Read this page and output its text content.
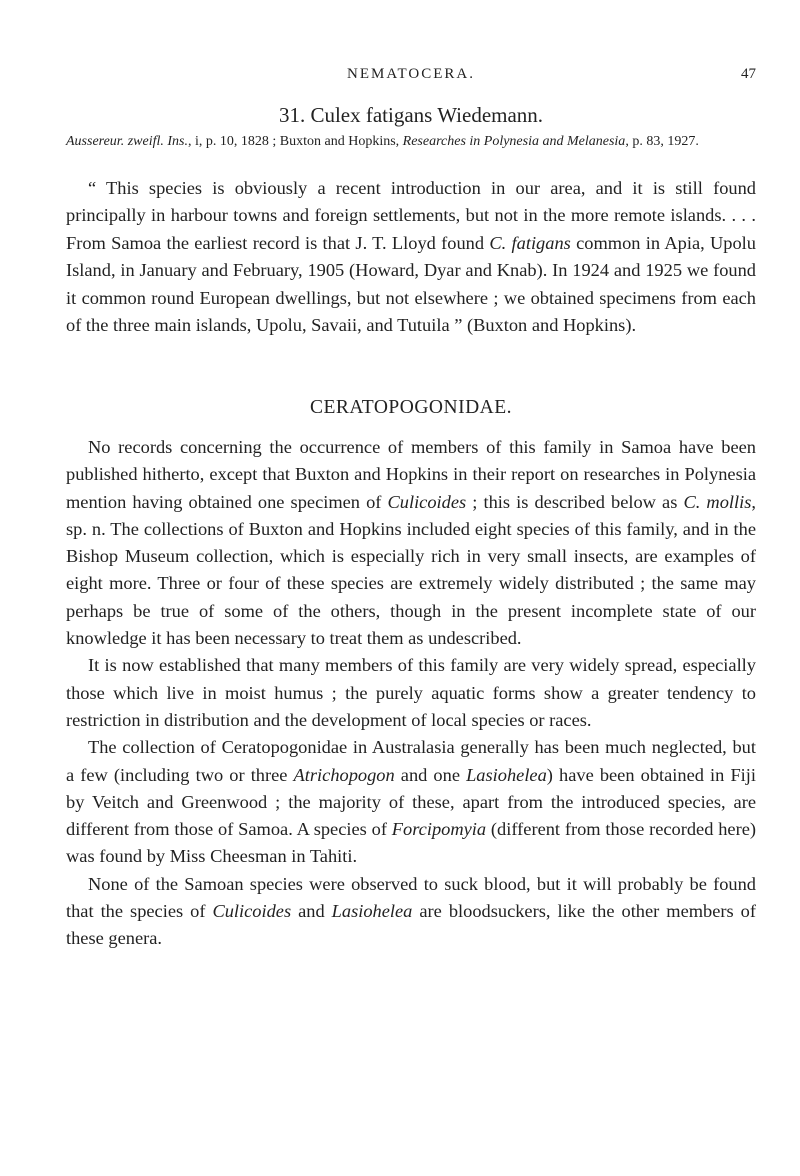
NEMATOCERA.	47
31. Culex fatigans Wiedemann.
Aussereur. zweifl. Ins., i, p. 10, 1828 ; Buxton and Hopkins, Researches in Polynesia and Melanesia, p. 83, 1927.

“ This species is obviously a recent introduction in our area, and it is still found principally in harbour towns and foreign settlements, but not in the more remote islands. . . . From Samoa the earliest record is that J. T. Lloyd found C. fatigans common in Apia, Upolu Island, in January and February, 1905 (Howard, Dyar and Knab). In 1924 and 1925 we found it common round European dwellings, but not elsewhere ; we obtained specimens from each of the three main islands, Upolu, Savaii, and Tutuila ” (Buxton and Hopkins).

CERATOPOGONIDAE.

No records concerning the occurrence of members of this family in Samoa have been published hitherto, except that Buxton and Hopkins in their report on researches in Polynesia mention having obtained one specimen of Culicoides ; this is described below as C. mollis, sp. n. The collections of Buxton and Hopkins included eight species of this family, and in the Bishop Museum collection, which is especially rich in very small insects, are examples of eight more. Three or four of these species are extremely widely distributed ; the same may perhaps be true of some of the others, though in the present incomplete state of our knowledge it has been necessary to treat them as undescribed.

It is now established that many members of this family are very widely spread, especially those which live in moist humus ; the purely aquatic forms show a greater tendency to restriction in distribution and the development of local species or races.

The collection of Ceratopogonidae in Australasia generally has been much neglected, but a few (including two or three Atrichopogon and one Lasiohelea) have been obtained in Fiji by Veitch and Greenwood ; the majority of these, apart from the introduced species, are different from those of Samoa. A species of Forcipomyia (different from those recorded here) was found by Miss Cheesman in Tahiti.

None of the Samoan species were observed to suck blood, but it will probably be found that the species of Culicoides and Lasiohelea are bloodsuckers, like the other members of these genera.
